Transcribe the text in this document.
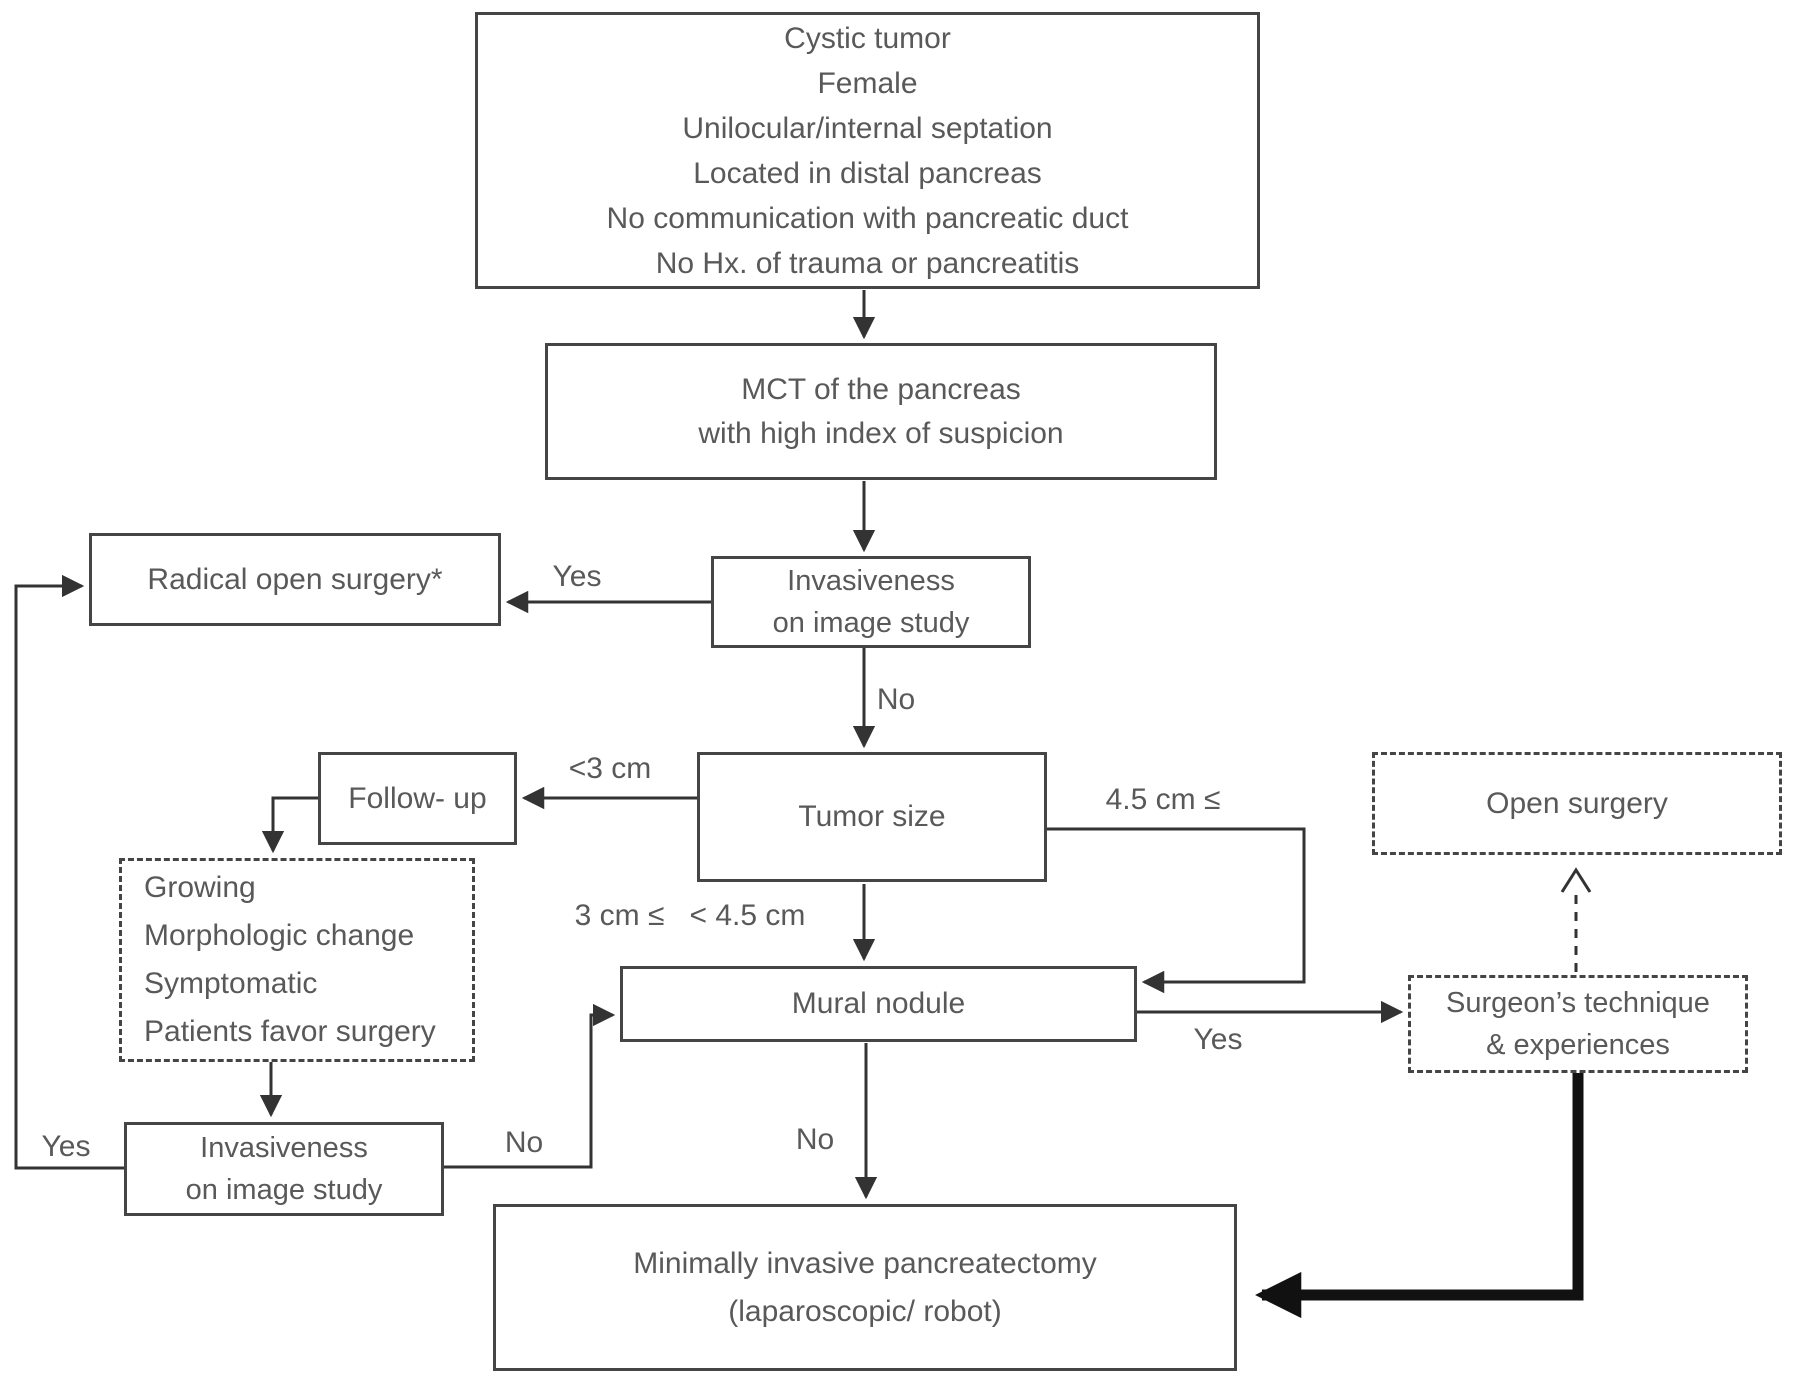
Cystic tumor
Female
Unilocular/internal septation
Located in distal pancreas
No communication with pancreatic duct
No Hx. of trauma or pancreatitis
MCT of the pancreas
with high index of suspicion
Radical open surgery*	Invasiveness
on image study
Follow- up
Tumor size	Open surgery
Growing
Morphologic change
Symptomatic
Patients favor surgery
Mural nodule	Surgeon’s technique
& experiences
Invasiveness
on image study
Minimally invasive pancreatectomy
(laparoscopic/ robot)
Yes
No
<3 cm
4.5 cm ≤
3 cm ≤   < 4.5 cm
Yes	No
Yes
No
